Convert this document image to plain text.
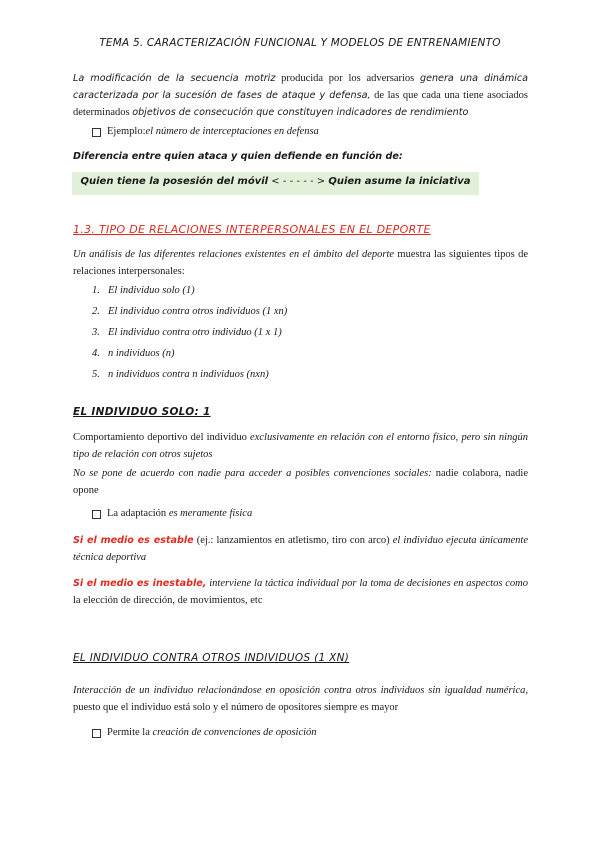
TEMA 5. CARACTERIZACIÓN FUNCIONAL Y MODELOS DE ENTRENAMIENTO
La modificación de la secuencia motriz producida por los adversarios genera una dinámica caracterizada por la sucesión de fases de ataque y defensa, de las que cada una tiene asociados determinados objetivos de consecución que constituyen indicadores de rendimiento
Ejemplo: el número de interceptaciones en defensa
Diferencia entre quien ataca y quien defiende en función de:
Quien tiene la posesión del móvil < - - - - - > Quien asume la iniciativa
1.3. TIPO DE RELACIONES INTERPERSONALES EN EL DEPORTE
Un análisis de las diferentes relaciones existentes en el ámbito del deporte muestra las siguientes tipos de relaciones interpersonales:
1. El individuo solo (1)
2. El individuo contra otros individuos (1 xn)
3. El individuo contra otro individuo (1 x 1)
4. n individuos (n)
5. n individuos contra n individuos (nxn)
EL INDIVIDUO SOLO: 1
Comportamiento deportivo del individuo exclusivamente en relación con el entorno físico, pero sin ningún tipo de relación con otros sujetos
No se pone de acuerdo con nadie para acceder a posibles convenciones sociales: nadie colabora, nadie opone
La adaptación es meramente física
Si el medio es estable (ej.: lanzamientos en atletismo, tiro con arco) el individuo ejecuta únicamente técnica deportiva
Si el medio es inestable, interviene la táctica individual por la toma de decisiones en aspectos como la elección de dirección, de movimientos, etc
EL INDIVIDUO CONTRA OTROS INDIVIDUOS (1 XN)
Interacción de un individuo relacionándose en oposición contra otros individuos sin igualdad numérica, puesto que el individuo está solo y el número de opositores siempre es mayor
Permite la creación de convenciones de oposición
